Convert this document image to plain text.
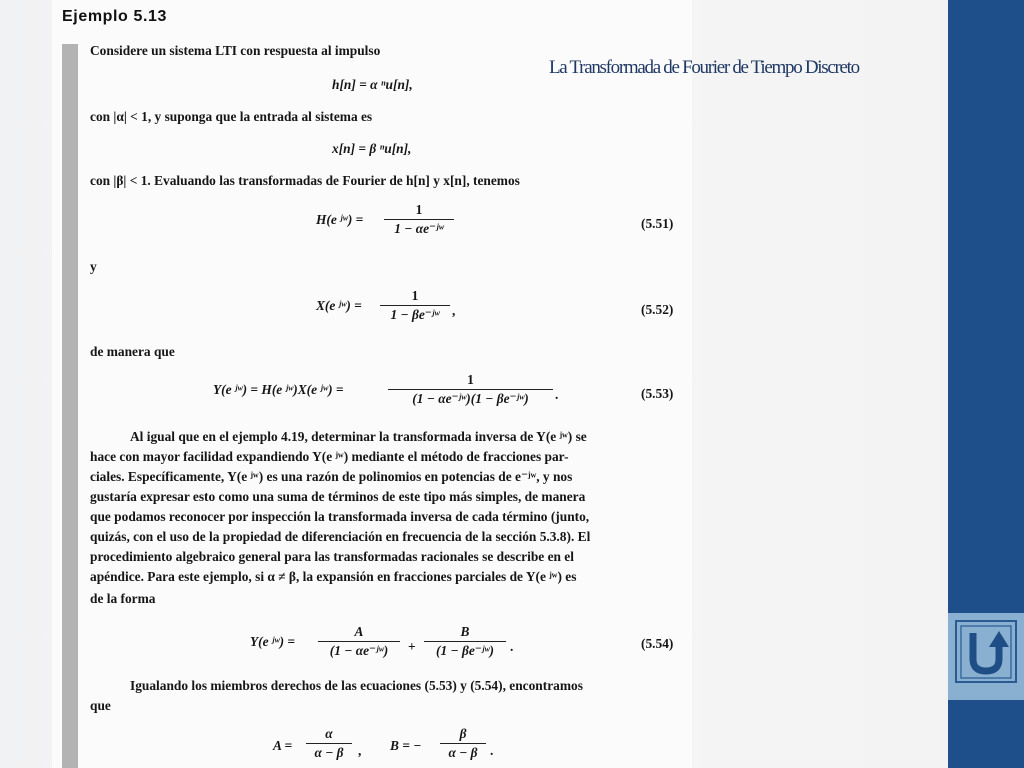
Ejemplo 5.13
La Transformada de Fourier de Tiempo Discreto
Considere un sistema LTI con respuesta al impulso
h[n] = α ⁿu[n],
con |α| < 1, y suponga que la entrada al sistema es
x[n] = β ⁿu[n],
con |β| < 1. Evaluando las transformadas de Fourier de h[n] y x[n], tenemos
H(e ʲʷ) =
1
1 − αe⁻ʲʷ	(5.51)
y
X(e ʲʷ) =
1
1 − βe⁻ʲʷ ,	(5.52)
de manera que
Y(e ʲʷ) = H(e ʲʷ)X(e ʲʷ) =
1
(1 − αe⁻ʲʷ)(1 − βe⁻ʲʷ)	.	(5.53)
Al igual que en el ejemplo 4.19, determinar la transformada inversa de Y(e ʲʷ) se
hace con mayor facilidad expandiendo Y(e ʲʷ) mediante el método de fracciones par-
ciales. Específicamente, Y(e ʲʷ) es una razón de polinomios en potencias de e⁻ʲʷ, y nos
gustaría expresar esto como una suma de términos de este tipo más simples, de manera
que podamos reconocer por inspección la transformada inversa de cada término (junto,
quizás, con el uso de la propiedad de diferenciación en frecuencia de la sección 5.3.8). El
procedimiento algebraico general para las transformadas racionales se describe en el
apéndice. Para este ejemplo, si α ≠ β, la expansión en fracciones parciales de Y(e ʲʷ) es
de la forma
Y(e ʲʷ) =
A
(1 − αe⁻ʲʷ)	+
B
(1 − βe⁻ʲʷ)	.	(5.54)
Igualando los miembros derechos de las ecuaciones (5.53) y (5.54), encontramos
que
A =
α
α − β	, B = −
β
α − β .
